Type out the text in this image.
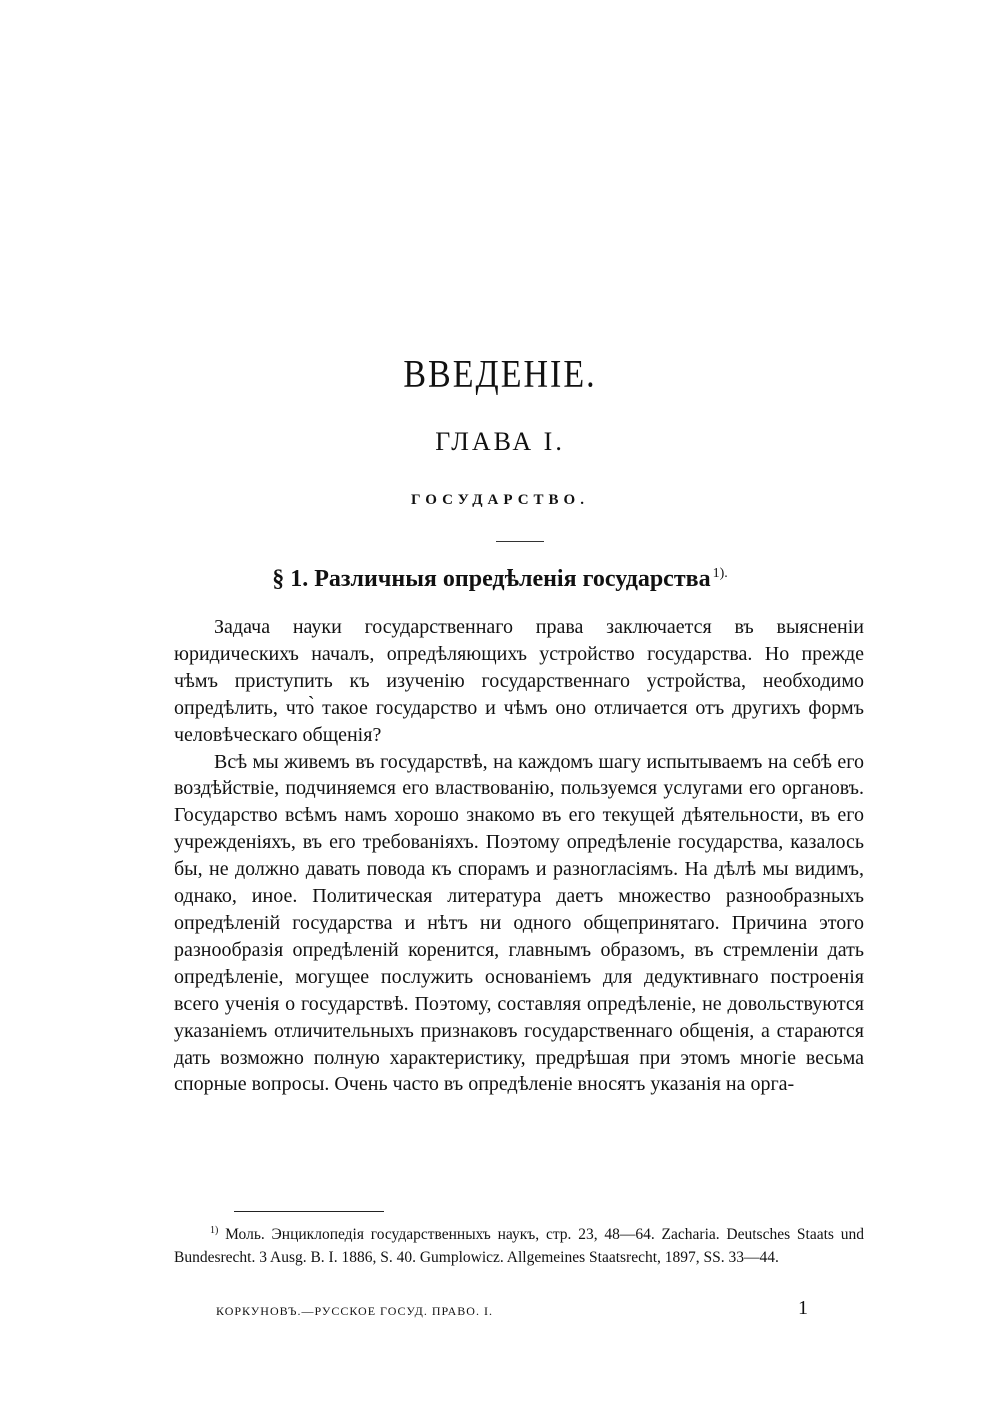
ВВЕДЕНІЕ.
ГЛАВА I.
ГОСУДАРСТВО.
§ 1. Различныя опредѣленія государства $^{1).}$

Задача науки государственнаго права заключается въ выясненіи юридическихъ началъ, опредѣляющихъ устройство государства. Но прежде чѣмъ приступить къ изученію государственнаго устройства, необходимо опредѣлить, что̀ такое государство и чѣмъ оно отличается отъ другихъ формъ человѣческаго общенія?

Всѣ мы живемъ въ государствѣ, на каждомъ шагу испытываемъ на себѣ его воздѣйствіе, подчиняемся его властвованію, пользуемся услугами его органовъ. Государство всѣмъ намъ хорошо знакомо въ его текущей дѣятельности, въ его учрежденіяхъ, въ его требованіяхъ. Поэтому опредѣленіе государства, казалось бы, не должно давать повода къ спорамъ и разногласіямъ. На дѣлѣ мы видимъ, однако, иное. Политическая литература даетъ множество разнообразныхъ опредѣленій государства и нѣтъ ни одного общепринятаго. Причина этого разнообразія опредѣленій коренится, главнымъ образомъ, въ стремленіи дать опредѣленіе, могущее послужить основаніемъ для дедуктивнаго построенія всего ученія о государствѣ. Поэтому, составляя опредѣленіе, не довольствуются указаніемъ отличительныхъ признаковъ государственнаго общенія, а стараются дать возможно полную характеристику, предрѣшая при этомъ многіе весьма спорные вопросы. Очень часто въ опредѣленіе вносятъ указанія на орга-

$^{1)}$ Моль. Энциклопедія государственныхъ наукъ, стр. 23, 48—64. Zacharia. Deutsches Staats und Bundesrecht. 3 Ausg. B. I. 1886, S. 40. Gumplowicz. Allgemeines Staatsrecht, 1897, SS. 33—44.
КОРКУНОВЪ.—РУССКОЕ ГОСУД. ПРАВО. I.	1
